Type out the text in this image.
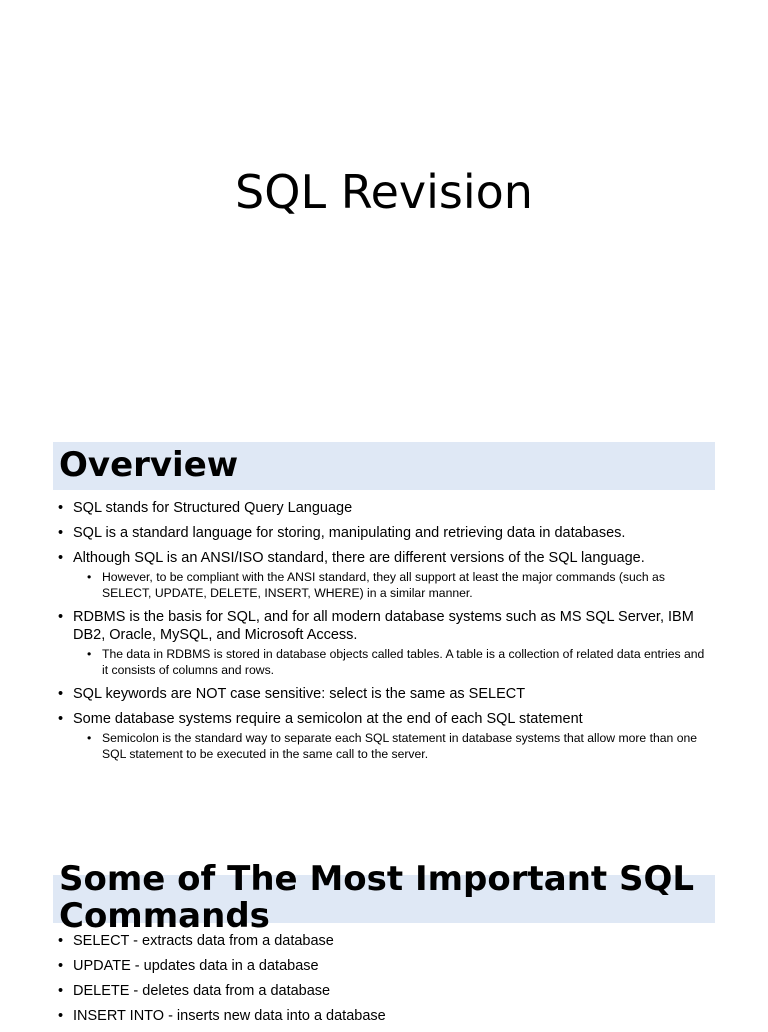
SQL Revision
Overview
• SQL stands for Structured Query Language
• SQL is a standard language for storing, manipulating and retrieving data in databases.
• Although SQL is an ANSI/ISO standard, there are different versions of the SQL language.
• However, to be compliant with the ANSI standard, they all support at least the major commands (such as SELECT, UPDATE, DELETE, INSERT, WHERE) in a similar manner.
• RDBMS is the basis for SQL, and for all modern database systems such as MS SQL Server, IBM DB2, Oracle, MySQL, and Microsoft Access.
• The data in RDBMS is stored in database objects called tables. A table is a collection of related data entries and it consists of columns and rows.
• SQL keywords are NOT case sensitive: select is the same as SELECT
• Some database systems require a semicolon at the end of each SQL statement
• Semicolon is the standard way to separate each SQL statement in database systems that allow more than one SQL statement to be executed in the same call to the server.
Some of The Most Important SQL Commands
• SELECT - extracts data from a database
• UPDATE - updates data in a database
• DELETE - deletes data from a database
• INSERT INTO - inserts new data into a database
